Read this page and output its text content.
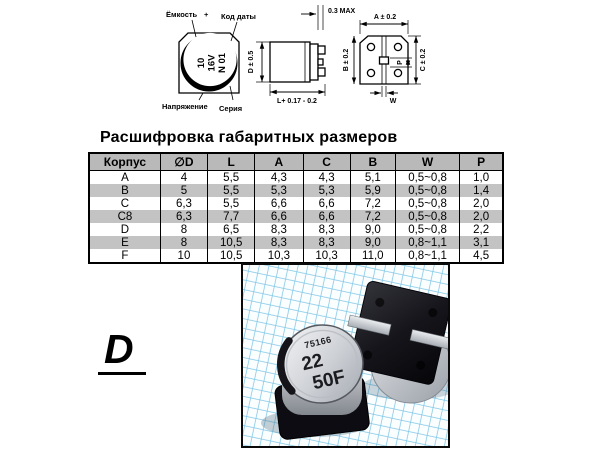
10 16V N 01
Ёмкость + Код даты
Напряжение Серия
D ± 0.5
L+ 0.17 - 0.2
0.3 MAX
A ± 0.2
B ± 0.2	C ± 0.2
P
W
Расшифровка габаритных размеров
Корпус	∅D	L	A	C	B	W	P
A	4	5,5	4,3	4,3	5,1	0,5~0,8	1,0
B	5	5,5	5,3	5,3	5,9	0,5~0,8	1,4
C	6,3	5,5	6,6	6,6	7,2	0,5~0,8	2,0
C8	6,3	7,7	6,6	6,6	7,2	0,5~0,8	2,0
D	8	6,5	8,3	8,3	9,0	0,5~0,8	2,2
E	8	10,5	8,3	8,3	9,0	0,8~1,1	3,1
F	10	10,5	10,3	10,3	11,0	0,8~1,1	4,5
D	75166
22
50F
